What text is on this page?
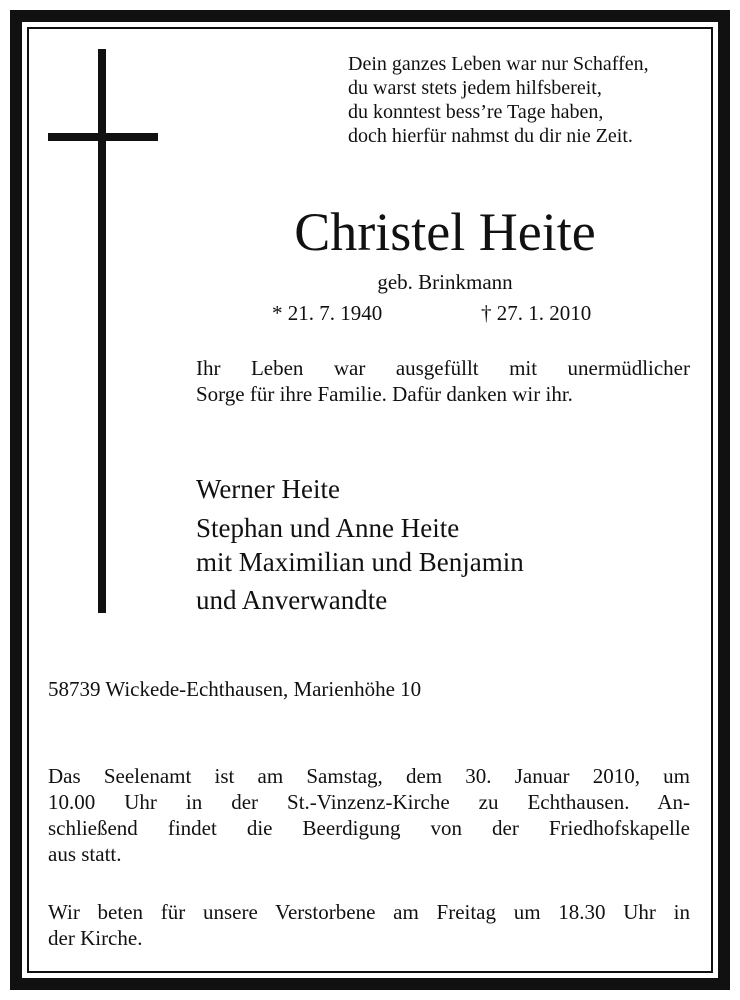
Dein ganzes Leben war nur Schaffen,
du warst stets jedem hilfsbereit,
du konntest bess’re Tage haben,
doch hierfür nahmst du dir nie Zeit.
Christel Heite
geb. Brinkmann
* 21. 7. 1940	† 27. 1. 2010
Ihr Leben war ausgefüllt mit unermüdlicher
Sorge für ihre Familie. Dafür danken wir ihr.
Werner Heite
Stephan und Anne Heite
mit Maximilian und Benjamin
und Anverwandte
58739 Wickede-Echthausen, Marienhöhe 10
Das Seelenamt ist am Samstag, dem 30. Januar 2010, um
10.00 Uhr in der St.-Vinzenz-Kirche zu Echthausen. An-
schließend findet die Beerdigung von der Friedhofskapelle
aus statt.
Wir beten für unsere Verstorbene am Freitag um 18.30 Uhr in
der Kirche.
